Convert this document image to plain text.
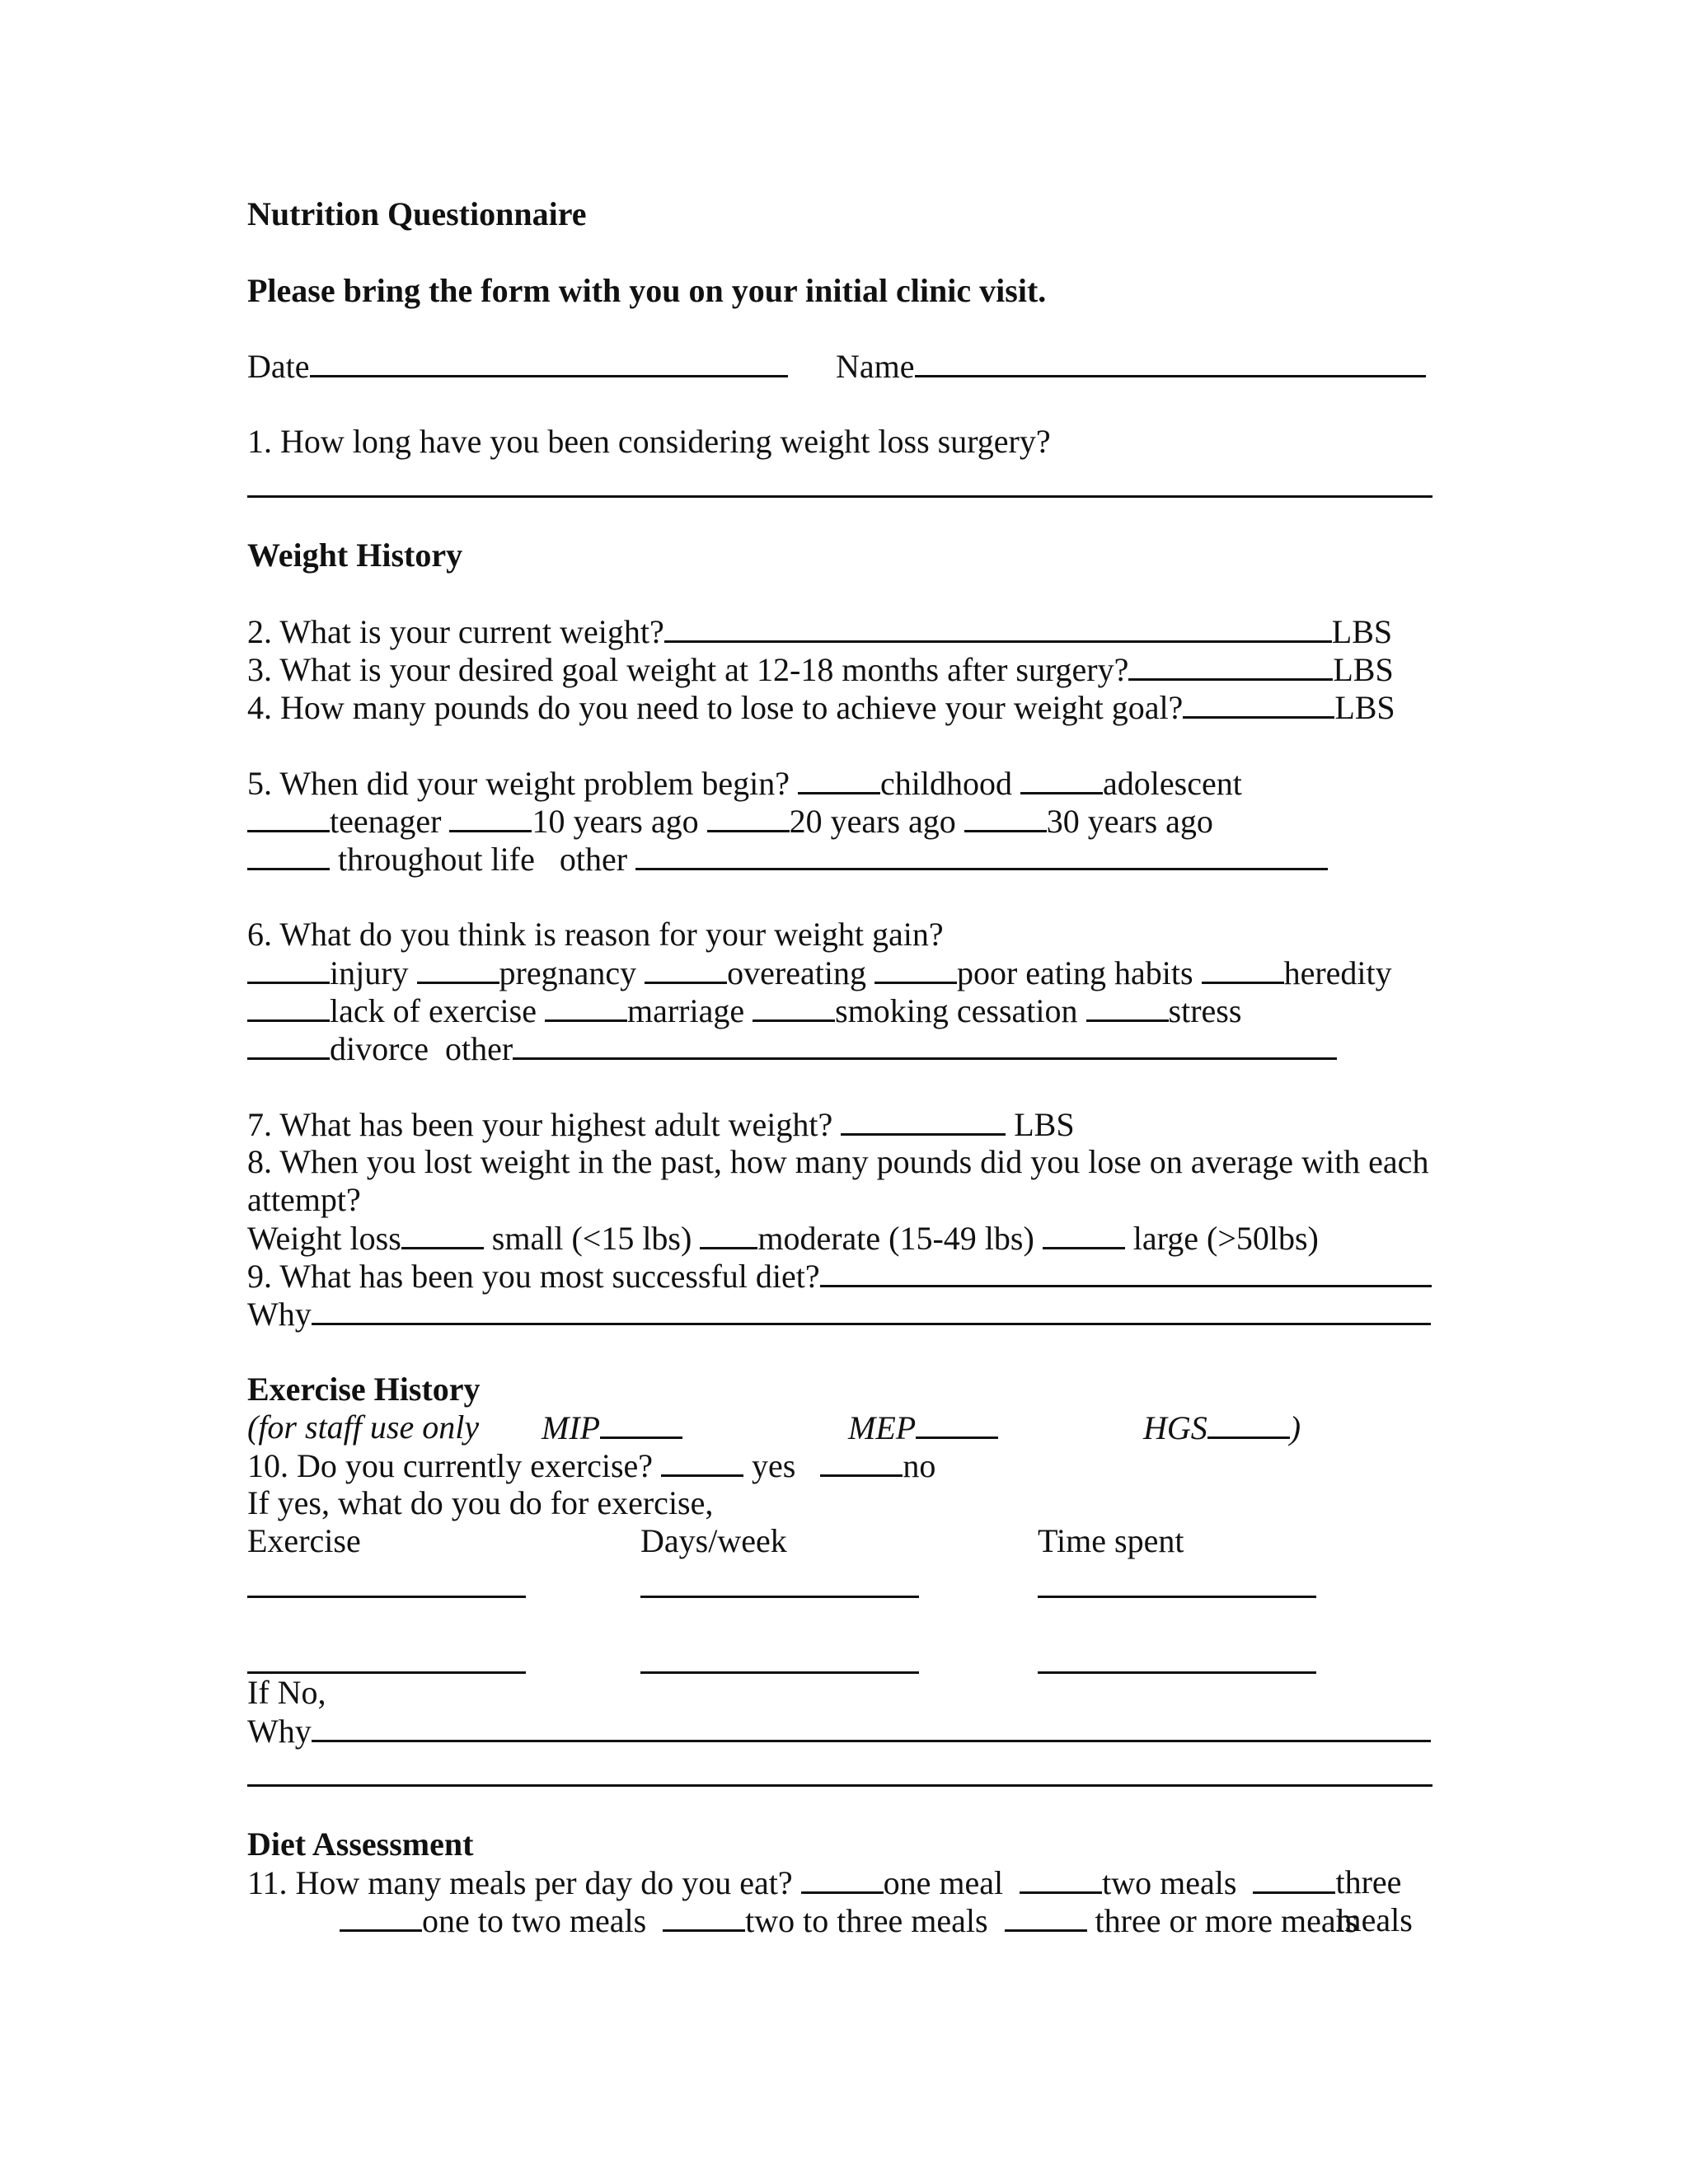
Nutrition Questionnaire
Please bring the form with you on your initial clinic visit.
Date	Name
1. How long have you been considering weight loss surgery?
Weight History
2. What is your current weight?	LBS
3. What is your desired goal weight at 12-18 months after surgery?	LBS
4. How many pounds do you need to lose to achieve your weight goal?	LBS
5. When did your weight problem begin?	childhood	adolescent
teenager	10 years ago	20 years ago	30 years ago
throughout life other
6. What do you think is reason for your weight gain?
injury	pregnancy	overeating	poor eating habits	heredity
lack of exercise	marriage	smoking cessation	stress
divorce other
7. What has been your highest adult weight?	LBS
8. When you lost weight in the past, how many pounds did you lose on average with each
attempt?
Weight loss	small (<15 lbs) moderate (15-49 lbs)	large (>50lbs)
9. What has been you most successful diet?
Why
Exercise History
(for staff use only MIP	MEP	HGS	)
10. Do you currently exercise?	yes	no
If yes, what do you do for exercise,
Exercise	Days/week	Time spent
If No,
Why
Diet Assessment
11. How many meals per day do you eat?	one meal	two meals	three meals
one to two meals	two to three meals	three or more meals
